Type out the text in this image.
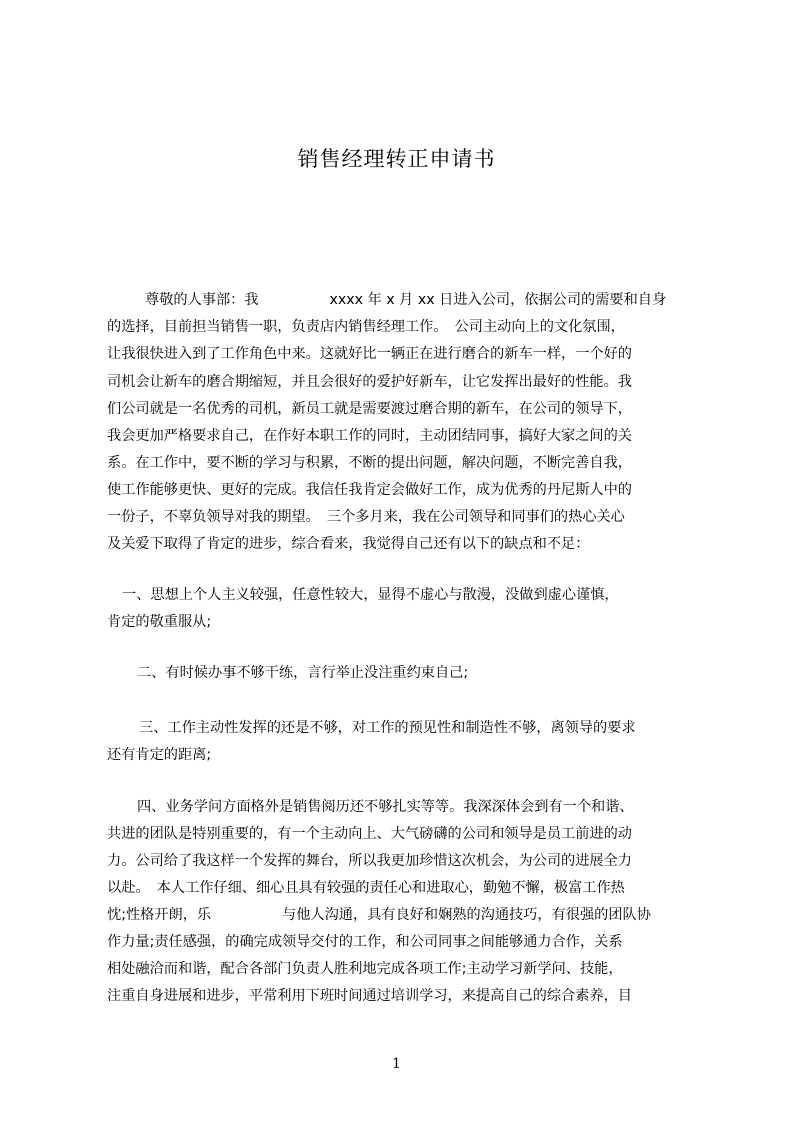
销售经理转正申请书
尊敬的人事部：我　　　　　xxxx 年 x 月 xx 日进入公司，依据公司的需要和自身
的选择，目前担当销售一职，负责店内销售经理工作。　公司主动向上的文化氛围，
让我很快进入到了工作角色中来。这就好比一辆正在进行磨合的新车一样，一个好的
司机会让新车的磨合期缩短，并且会很好的爱护好新车，让它发挥出最好的性能。我
们公司就是一名优秀的司机，新员工就是需要渡过磨合期的新车，在公司的领导下，
我会更加严格要求自己，在作好本职工作的同时，主动团结同事，搞好大家之间的关
系。在工作中，要不断的学习与积累，不断的提出问题，解决问题，不断完善自我，
使工作能够更快、更好的完成。我信任我肯定会做好工作，成为优秀的丹尼斯人中的
一份子，不辜负领导对我的期望。　三个多月来，我在公司领导和同事们的热心关心
及关爱下取得了肯定的进步，综合看来，我觉得自己还有以下的缺点和不足：
一、思想上个人主义较强，任意性较大，显得不虚心与散漫，没做到虚心谨慎，
肯定的敬重服从;
二、有时候办事不够干练，言行举止没注重约束自己;
三、工作主动性发挥的还是不够，对工作的预见性和制造性不够，离领导的要求
还有肯定的距离;
四、业务学问方面格外是销售阅历还不够扎实等等。我深深体会到有一个和谐、
共进的团队是特别重要的，有一个主动向上、大气磅礴的公司和领导是员工前进的动
力。公司给了我这样一个发挥的舞台，所以我更加珍惜这次机会，为公司的进展全力
以赴。　本人工作仔细、细心且具有较强的责任心和进取心，勤勉不懈，极富工作热
忱;性格开朗，乐　　　　　与他人沟通，具有良好和娴熟的沟通技巧，有很强的团队协
作力量;责任感强，的确完成领导交付的工作，和公司同事之间能够通力合作，关系
相处融洽而和谐，配合各部门负责人胜利地完成各项工作;主动学习新学问、技能，
注重自身进展和进步，平常利用下班时间通过培训学习，来提高自己的综合素养，目
1
